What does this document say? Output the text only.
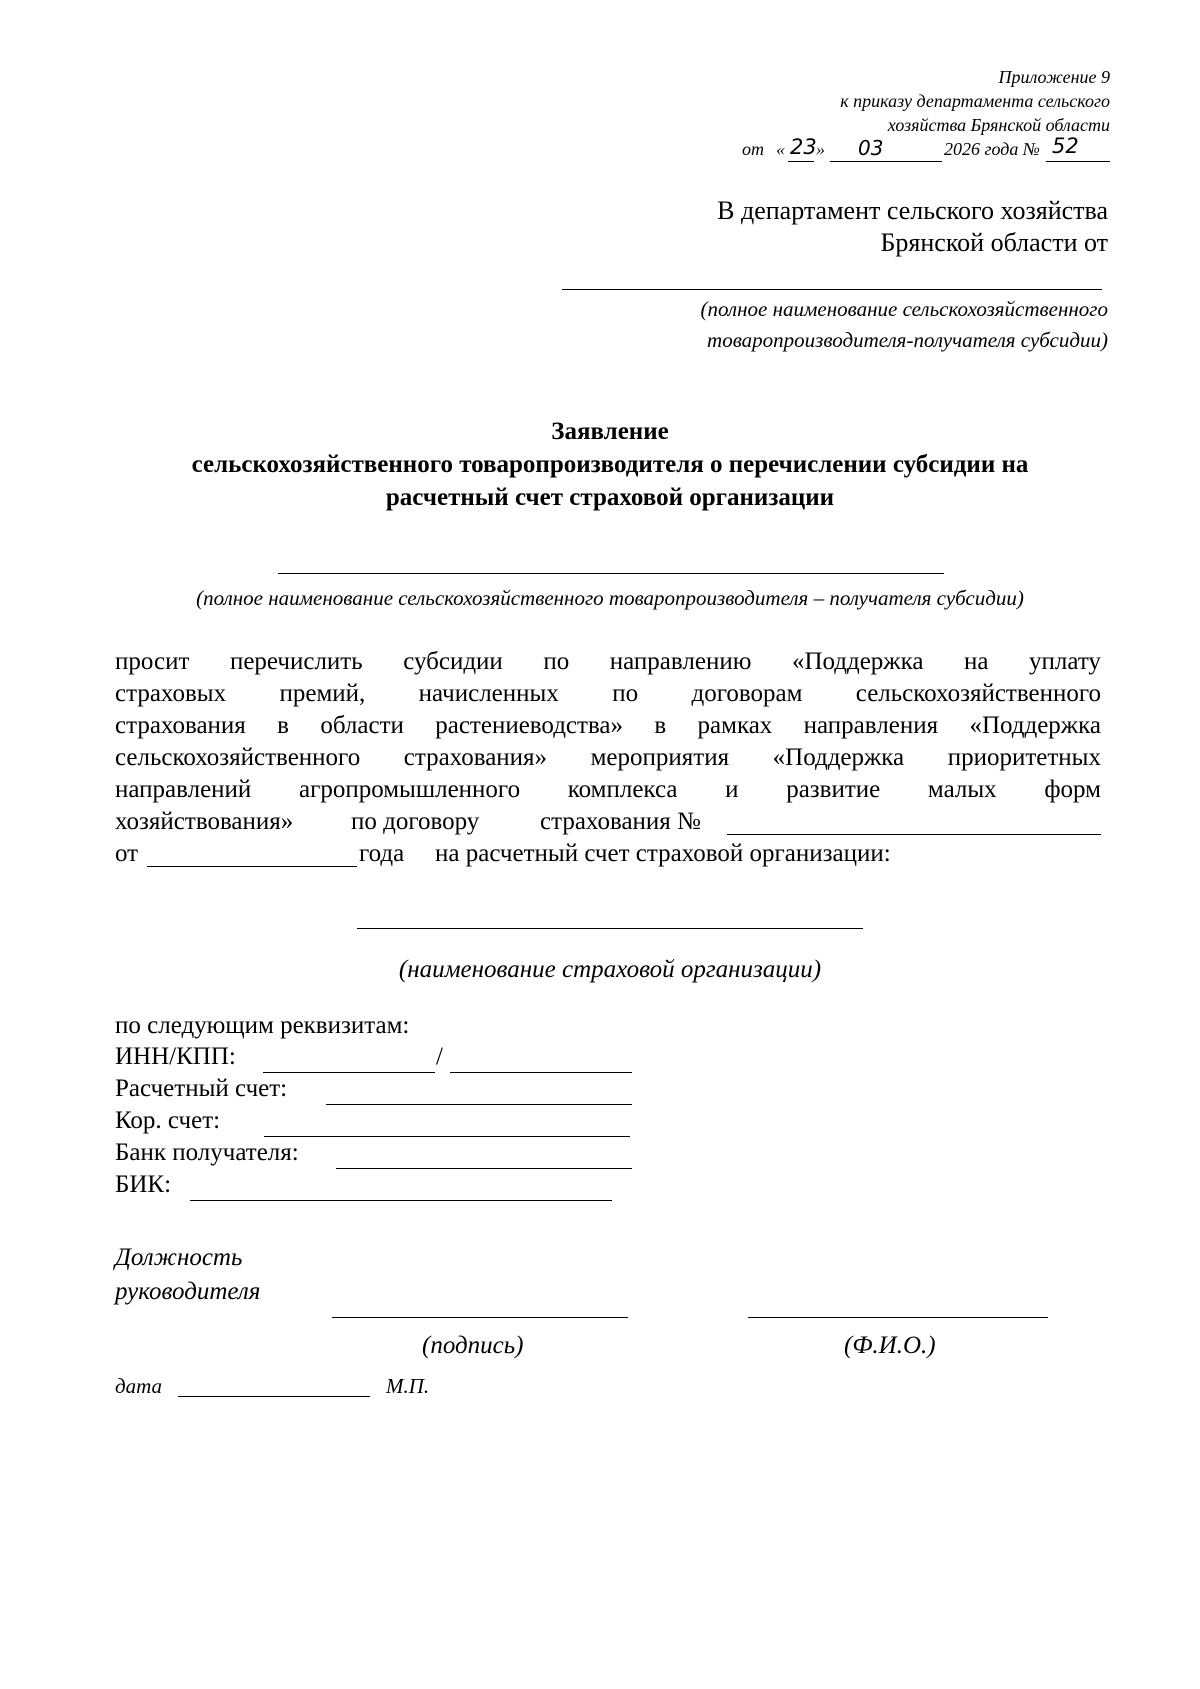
Приложение 9
к приказу департамента сельского
хозяйства Брянской области
от « 23 » 03	2026 года № 52
В департамент сельского хозяйства
Брянской области от
(полное наименование сельскохозяйственного
товаропроизводителя-получателя субсидии)
Заявление
сельскохозяйственного товаропроизводителя о перечислении субсидии на
расчетный счет страховой организации
(полное наименование сельскохозяйственного товаропроизводителя – получателя субсидии)
просит перечислить субсидии по направлению «Поддержка на уплату
страховых премий, начисленных по договорам сельскохозяйственного
страхования в области растениеводства» в рамках направления «Поддержка
сельскохозяйственного страхования» мероприятия «Поддержка приоритетных
направлений агропромышленного комплекса и развитие малых форм
хозяйствования» по договору страхования №
от	года на расчетный счет страховой организации:
(наименование страховой организации)
по следующим реквизитам:
ИНН/КПП:	/
Расчетный счет:
Кор. счет:
Банк получателя:
БИК:
Должность
руководителя
(подпись)	(Ф.И.О.)
дата	М.П.
